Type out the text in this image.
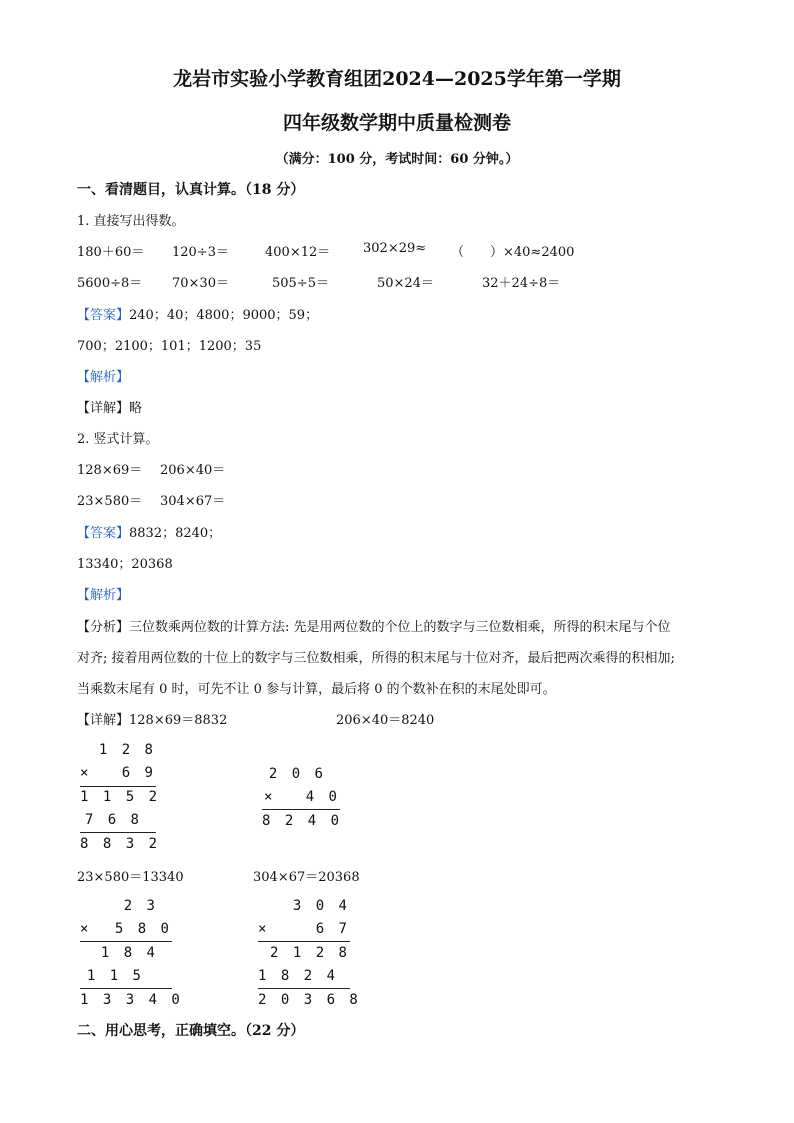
龙岩市实验小学教育组团2024—2025学年第一学期
四年级数学期中质量检测卷
（满分：100 分，考试时间：60 分钟。）
一、看清题目，认真计算。（18 分）
1. 直接写出得数。
180＋60＝ 120÷3＝	400×12＝	302×29≈ （　　）×40≈2400
5600÷8＝ 70×30＝	505÷5＝	50×24＝	32＋24÷8＝
【答案】240；40；4800；9000；59；
700；2100；101；1200；35
【解析】
【详解】略
2. 竖式计算。
128×69＝ 206×40＝
23×580＝ 304×67＝
【答案】8832；8240；
13340；20368
【解析】
【分析】三位数乘两位数的计算方法: 先是用两位数的个位上的数字与三位数相乘，所得的积末尾与个位
对齐; 接着用两位数的十位上的数字与三位数相乘，所得的积末尾与十位对齐，最后把两次乘得的积相加;
当乘数末尾有 0 时，可先不让 0 参与计算，最后将 0 的个数补在积的末尾处即可。
【详解】128×69＝8832	206×40＝8240
1 2 8
×	6 9
1 1 5 2
7 6 8
8 8 3 2
2 0 6
×	4 0
8 2 4 0
23×580＝13340	304×67＝20368
2 3
×	5 8 0
1 8 4
1 1 5
1 3 3 4 0
3 0 4
×	6 7
2 1 2 8
1 8 2 4
2 0 3 6 8
二、用心思考，正确填空。（22 分）
